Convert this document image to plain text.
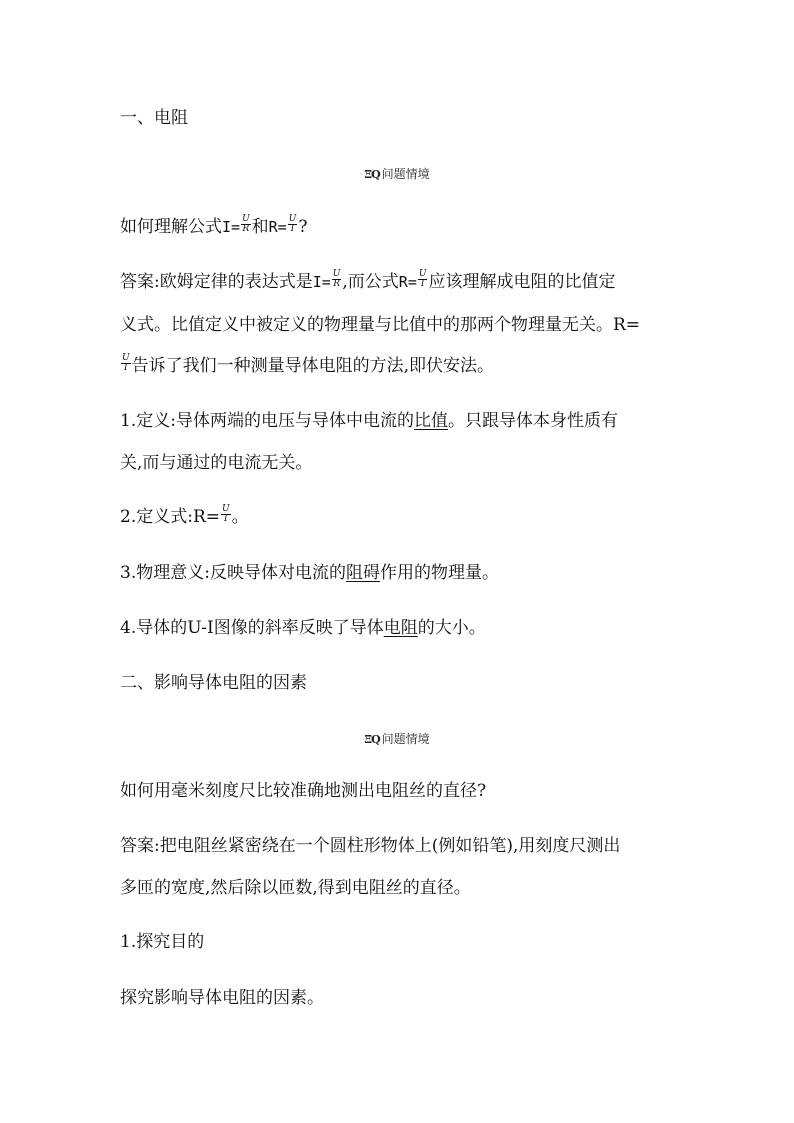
一、电阻
ΞQ 问题情境
如何理解公式$I= \frac{U}{R}$ 和$R= \frac{U}{I}$ ?
答案:欧姆定律的表达式是$I= \frac{U}{R}$ ,而公式$R= \frac{U}{I}$ 应该理解成电阻的比值定
义式。比值定义中被定义的物理量与比值中的那两个物理量无关。R=
$\frac{U}{I}$ 告诉了我们一种测量导体电阻的方法,即伏安法。
1.定义:导体两端的电压与导体中电流的比值。只跟导体本身性质有
关,而与通过的电流无关。
2.定义式:R= $\frac{U}{I}$ 。
3.物理意义:反映导体对电流的阻碍作用的物理量。
4.导体的U-I图像的斜率反映了导体电阻的大小。
二、影响导体电阻的因素
ΞQ 问题情境
如何用毫米刻度尺比较准确地测出电阻丝的直径?
答案:把电阻丝紧密绕在一个圆柱形物体上(例如铅笔),用刻度尺测出
多匝的宽度,然后除以匝数,得到电阻丝的直径。
1.探究目的
探究影响导体电阻的因素。
